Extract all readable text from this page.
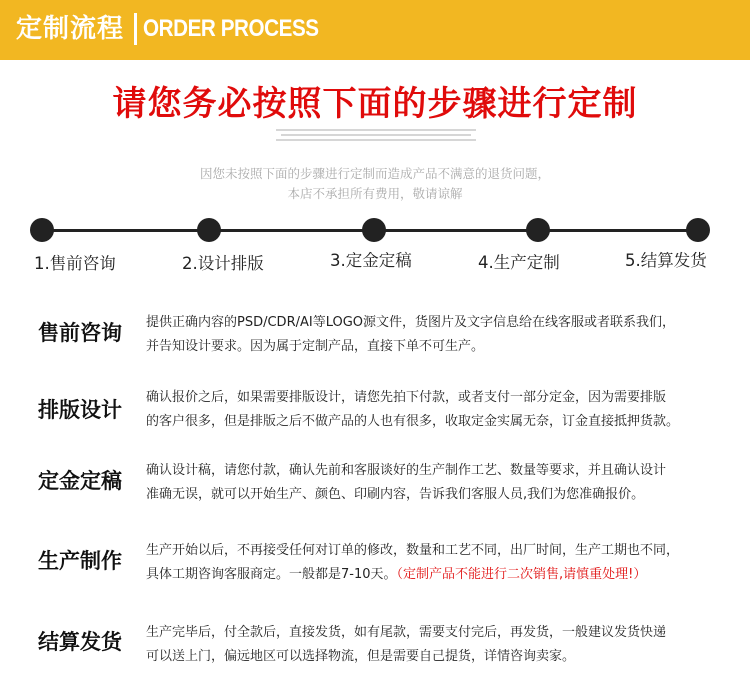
定制流程 ORDER PROCESS
请您务必按照下面的步骤进行定制
因您未按照下面的步骤进行定制而造成产品不满意的退货问题，
本店不承担所有费用，敬请谅解
1.售前咨询	2.设计排版	3.定金定稿	4.生产定制	5.结算发货
售前咨询 提供正确内容的PSD/CDR/AI等LOGO源文件，货图片及文字信息给在线客服或者联系我们，
并告知设计要求。因为属于定制产品，直接下单不可生产。
排版设计
确认报价之后，如果需要排版设计，请您先拍下付款，或者支付一部分定金，因为需要排版
的客户很多，但是排版之后不做产品的人也有很多，收取定金实属无奈，订金直接抵押货款。
定金定稿 确认设计稿，请您付款，确认先前和客服谈好的生产制作工艺、数量等要求，并且确认设计
准确无误，就可以开始生产、颜色、印刷内容，告诉我们客服人员,我们为您准确报价。
生产制作 生产开始以后，不再接受任何对订单的修改，数量和工艺不同，出厂时间，生产工期也不同，
具体工期咨询客服商定。一般都是7-10天。（定制产品不能进行二次销售,请慎重处理!）
结算发货 生产完毕后，付全款后，直接发货，如有尾款，需要支付完后，再发货，一般建议发货快递
可以送上门，偏远地区可以选择物流，但是需要自己提货，详情咨询卖家。
